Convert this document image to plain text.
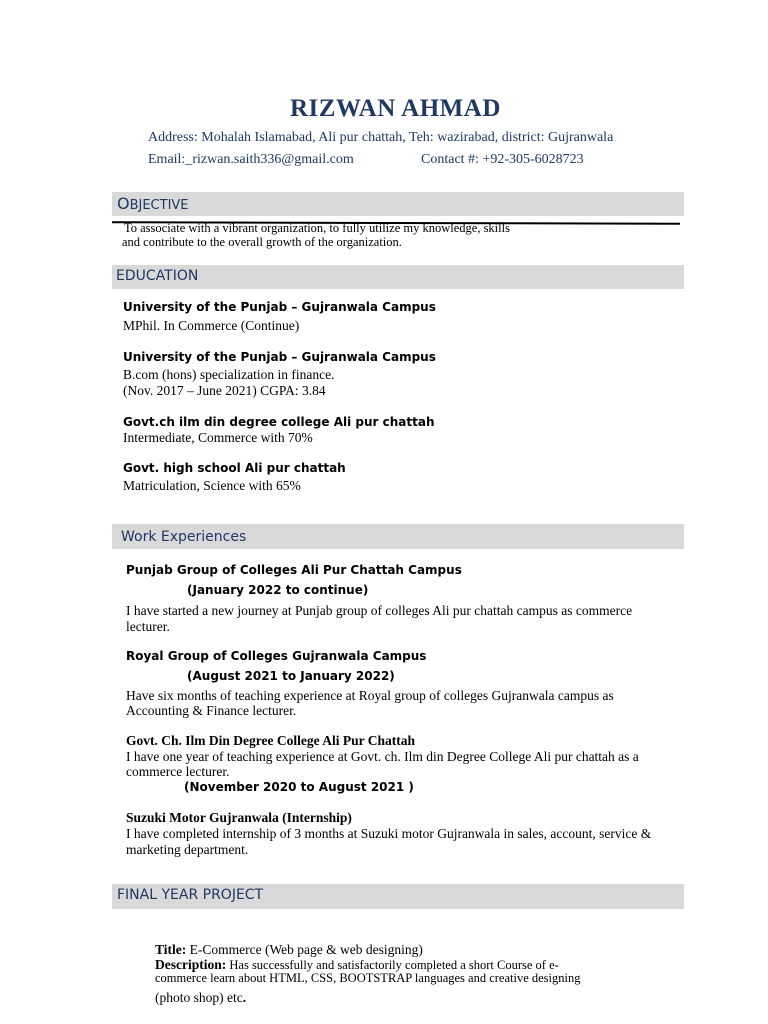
RIZWAN AHMAD
Address: Mohalah Islamabad, Ali pur chattah, Teh: wazirabad, district: Gujranwala
Email:_rizwan.saith336@gmail.com	Contact #: +92-305-6028723
OBJECTIVE
To associate with a vibrant organization, to fully utilize my knowledge, skills
and contribute to the overall growth of the organization.
EDUCATION
University of the Punjab – Gujranwala Campus
MPhil. In Commerce (Continue)
University of the Punjab – Gujranwala Campus
B.com (hons) specialization in finance.
(Nov. 2017 – June 2021) CGPA: 3.84
Govt.ch ilm din degree college Ali pur chattah
Intermediate, Commerce with 70%
Govt. high school Ali pur chattah
Matriculation, Science with 65%
Work Experiences
Punjab Group of Colleges Ali Pur Chattah Campus
(January 2022 to continue)
I have started a new journey at Punjab group of colleges Ali pur chattah campus as commerce
lecturer.
Royal Group of Colleges Gujranwala Campus
(August 2021 to January 2022)
Have six months of teaching experience at Royal group of colleges Gujranwala campus as
Accounting & Finance lecturer.
Govt. Ch. Ilm Din Degree College Ali Pur Chattah
I have one year of teaching experience at Govt. ch. Ilm din Degree College Ali pur chattah as a
commerce lecturer.
(November 2020 to August 2021 )
Suzuki Motor Gujranwala (Internship)
I have completed internship of 3 months at Suzuki motor Gujranwala in sales, account, service &
marketing department.
FINAL YEAR PROJECT
Title: E-Commerce (Web page & web designing)
Description: Has successfully and satisfactorily completed a short Course of e-
commerce learn about HTML, CSS, BOOTSTRAP languages and creative designing
(photo shop) etc.
